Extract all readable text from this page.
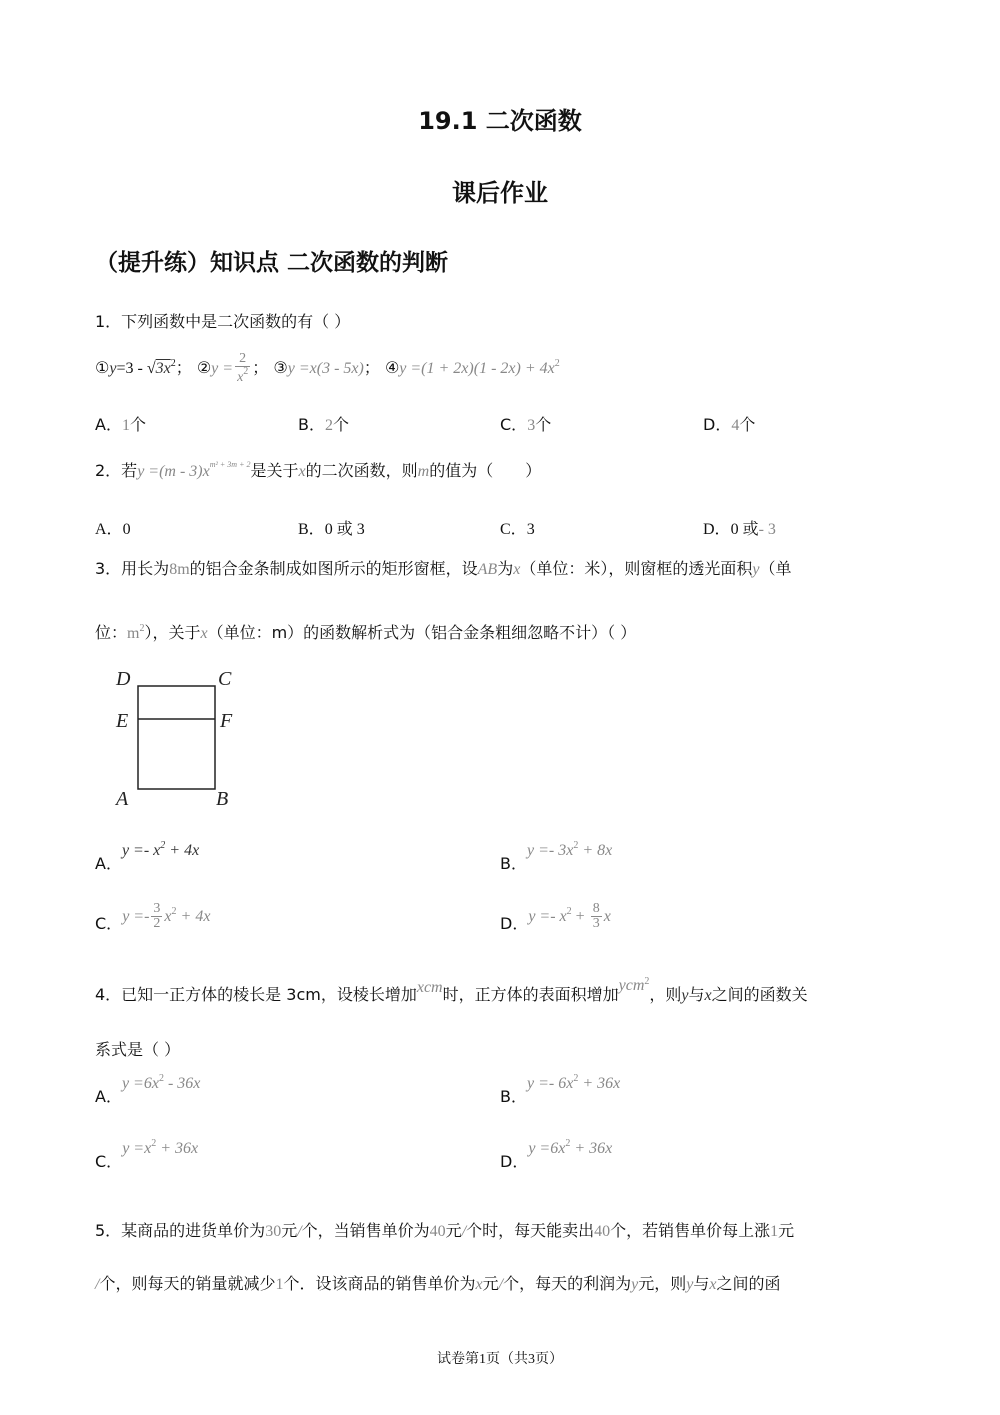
19.1 二次函数
课后作业
（提升练）知识点 二次函数的判断
1．下列函数中是二次函数的有（ ）
①y=3 - $√3x^2$； ②y = $\frac{2}{x^2}$ ； ③y =x(3 - 5x)； ④y $=(1 + 2x)(1 - 2x) + 4x^2$
A．1个	B．2个	C．3个	D．4个
2．若$y =(m - 3)x^{m^2 + 3m + 2}$是关于x的二次函数，则m的值为（　　）
A．0	B．0 或 3	C．3	D．0 或- 3
3．用长为8m的铝合金条制成如图所示的矩形窗框，设AB为x（单位：米），则窗框的透光面积y（单
位：$m^2$），关于x（单位：m）的函数解析式为（铝合金条粗细忽略不计）（ ）
D	C
E	F
A	B
A．$y =- x^2 + 4x$
B．$y =- 3x^2 + 8x$
C．$y =- \frac{3}{2} x^2 + 4x$	D．$y =- x^2 + \frac{8}{3}$ x
4．已知一正方体的棱长是 3cm，设棱长增加xcm时，正方体的表面积增加ycm$^2$，则y与x之间的函数关
系式是（ ）
A．$y =6x^2 - 36x$
B．$y =- 6x^2 + 36x$
C．$y =x^2 + 36x$
D．$y =6x^2 + 36x$
5．某商品的进货单价为30元/个，当销售单价为40元/个时，每天能卖出40个，若销售单价每上涨1元
/个，则每天的销量就减少1个．设该商品的销售单价为x元/个，每天的利润为y元，则y与x之间的函
试卷第1页（共3页）
